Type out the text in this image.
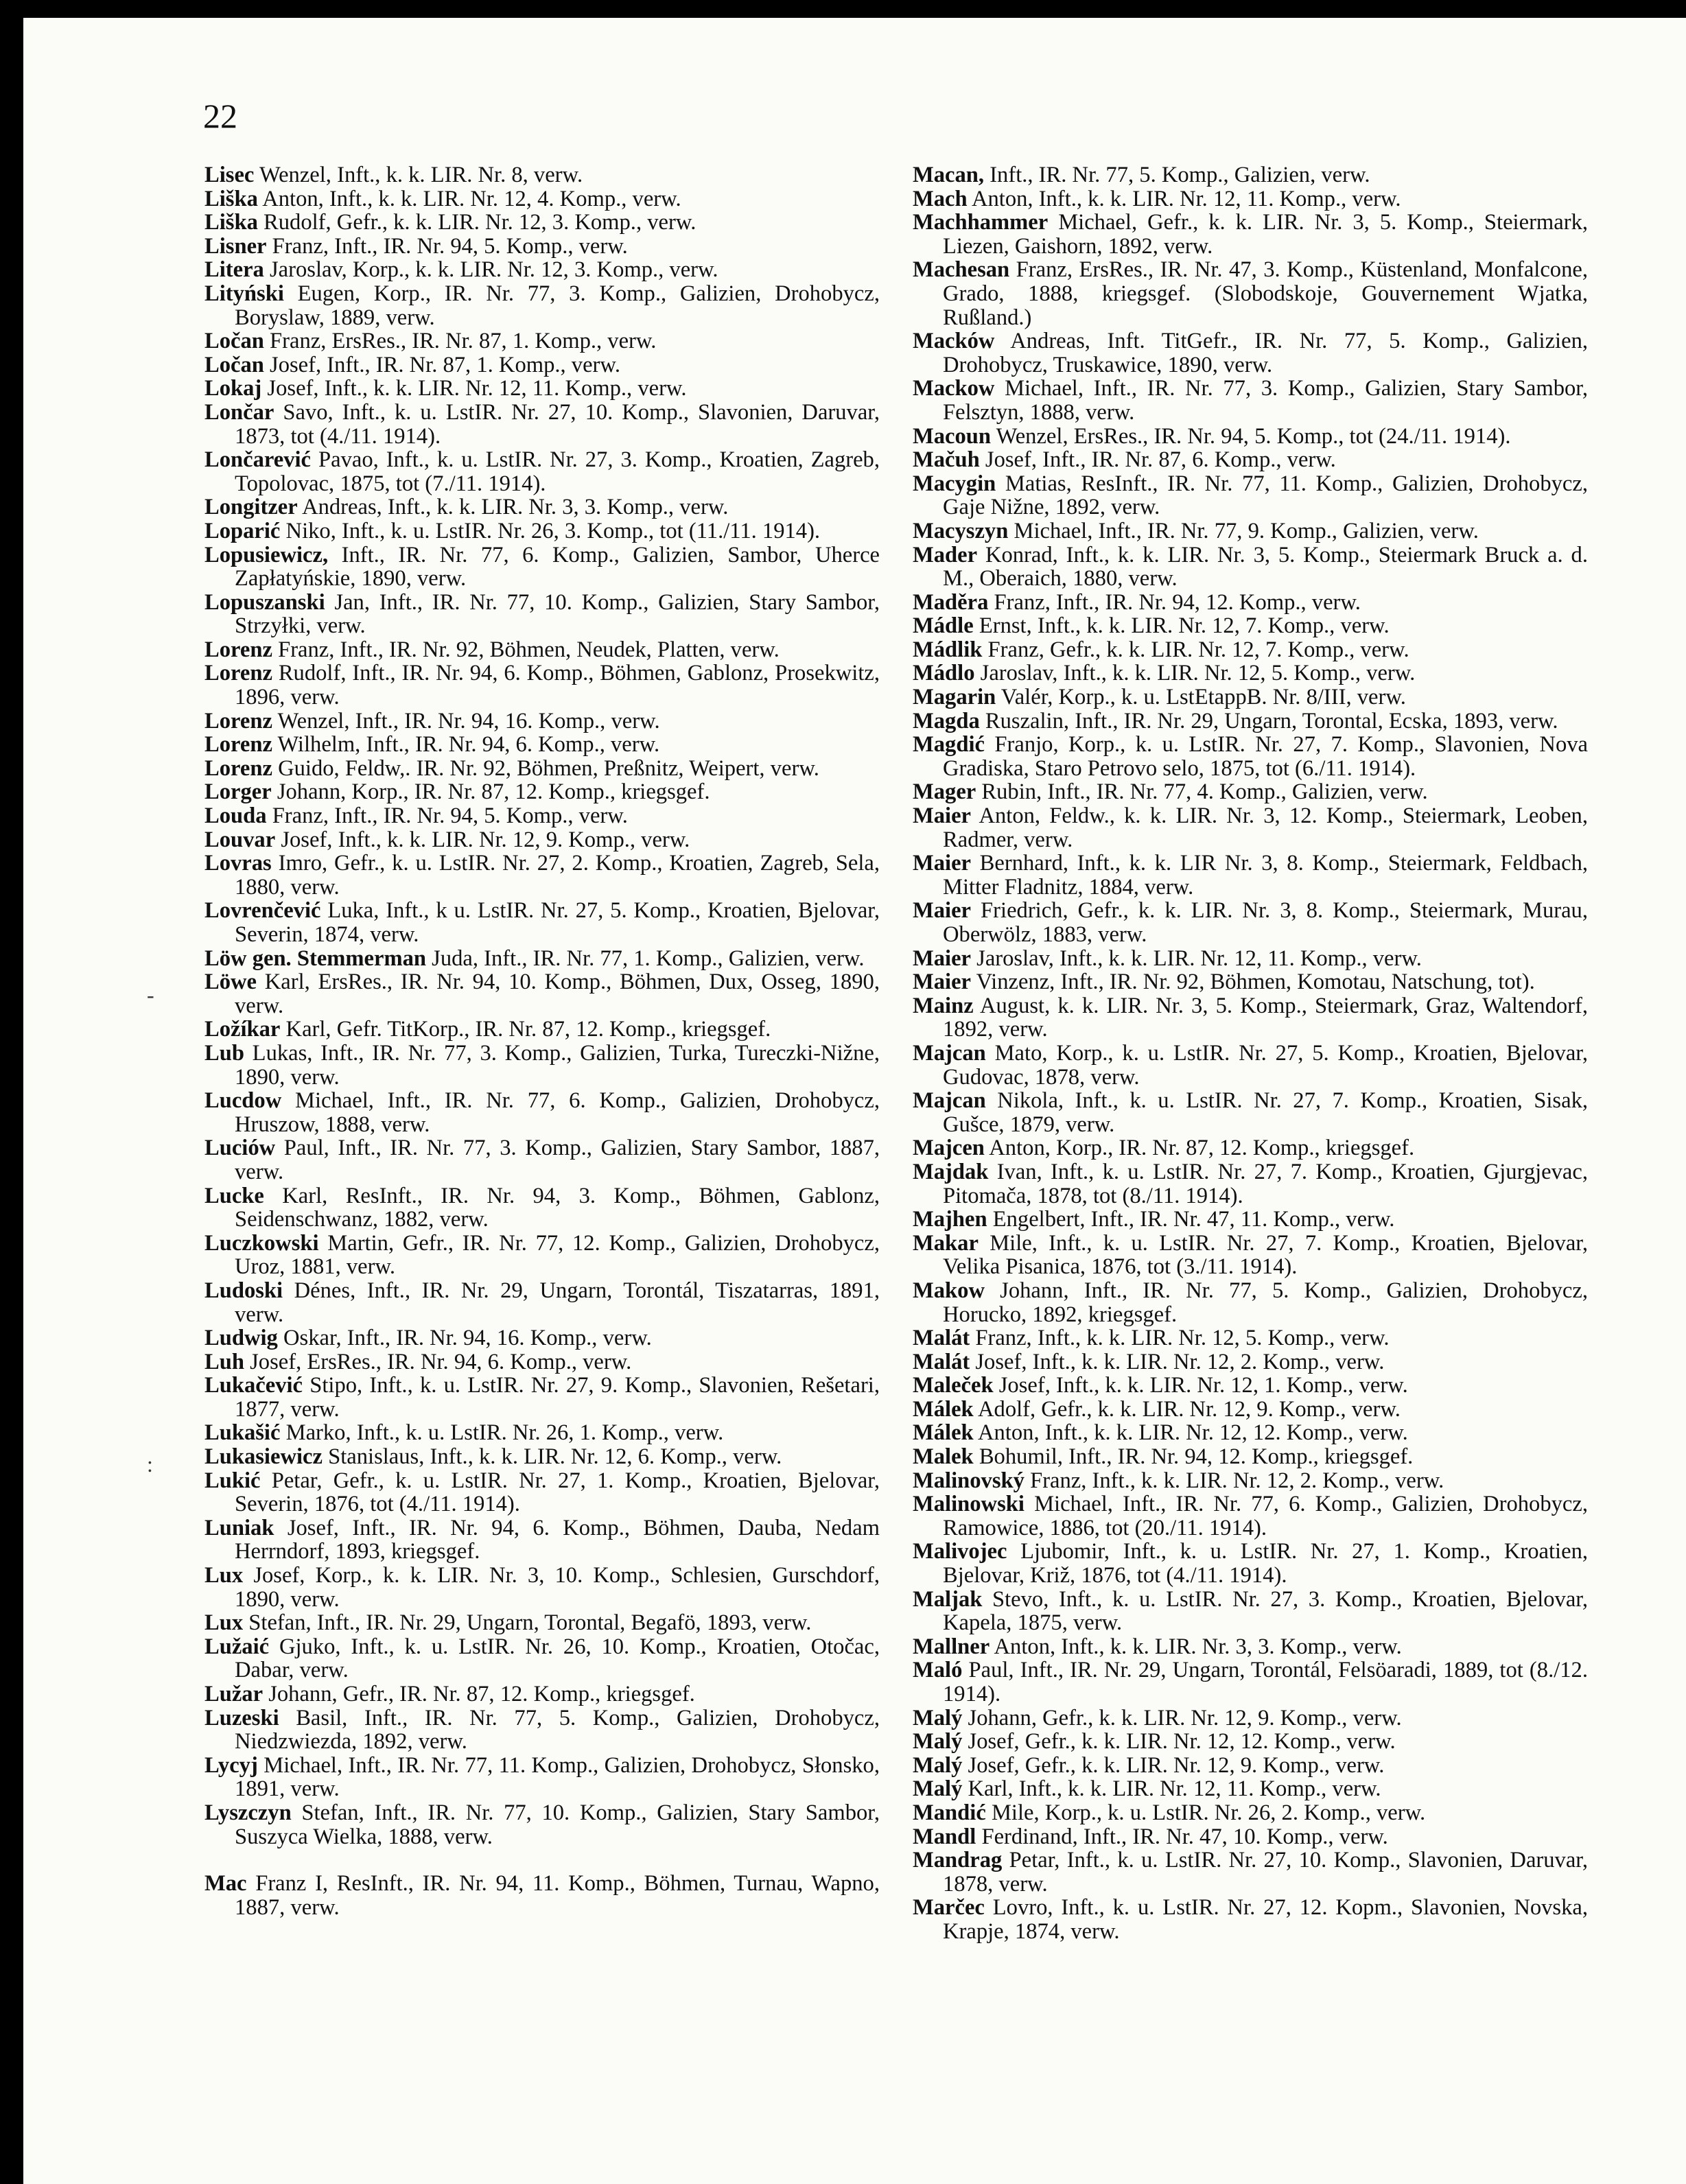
22
-
:

Lisec Wenzel, Inft., k. k. LIR. Nr. 8, verw.

Liška Anton, Inft., k. k. LIR. Nr. 12, 4. Komp., verw.

Liška Rudolf, Gefr., k. k. LIR. Nr. 12, 3. Komp., verw.

Lisner Franz, Inft., IR. Nr. 94, 5. Komp., verw.

Litera Jaroslav, Korp., k. k. LIR. Nr. 12, 3. Komp., verw.

Lityński Eugen, Korp., IR. Nr. 77, 3. Komp., Galizien, Drohobycz, Boryslaw, 1889, verw.

Ločan Franz, ErsRes., IR. Nr. 87, 1. Komp., verw.

Ločan Josef, Inft., IR. Nr. 87, 1. Komp., verw.

Lokaj Josef, Inft., k. k. LIR. Nr. 12, 11. Komp., verw.

Lončar Savo, Inft., k. u. LstIR. Nr. 27, 10. Komp., Slavonien, Daruvar, 1873, tot (4./11. 1914).

Lončarević Pavao, Inft., k. u. LstIR. Nr. 27, 3. Komp., Kroatien, Zagreb, Topolovac, 1875, tot (7./11. 1914).

Longitzer Andreas, Inft., k. k. LIR. Nr. 3, 3. Komp., verw.

Loparić Niko, Inft., k. u. LstIR. Nr. 26, 3. Komp., tot (11./11. 1914).

Lopusiewicz, Inft., IR. Nr. 77, 6. Komp., Galizien, Sambor, Uherce Zapłatyńskie, 1890, verw.

Lopuszanski Jan, Inft., IR. Nr. 77, 10. Komp., Galizien, Stary Sambor, Strzyłki, verw.

Lorenz Franz, Inft., IR. Nr. 92, Böhmen, Neudek, Platten, verw.

Lorenz Rudolf, Inft., IR. Nr. 94, 6. Komp., Böhmen, Gablonz, Prosekwitz, 1896, verw.

Lorenz Wenzel, Inft., IR. Nr. 94, 16. Komp., verw.

Lorenz Wilhelm, Inft., IR. Nr. 94, 6. Komp., verw.

Lorenz Guido, Feldw,. IR. Nr. 92, Böhmen, Preßnitz, Weipert, verw.

Lorger Johann, Korp., IR. Nr. 87, 12. Komp., kriegsgef.

Louda Franz, Inft., IR. Nr. 94, 5. Komp., verw.

Louvar Josef, Inft., k. k. LIR. Nr. 12, 9. Komp., verw.

Lovras Imro, Gefr., k. u. LstIR. Nr. 27, 2. Komp., Kroatien, Zagreb, Sela, 1880, verw.

Lovrenčević Luka, Inft., k u. LstIR. Nr. 27, 5. Komp., Kroatien, Bjelovar, Severin, 1874, verw.

Löw gen. Stemmerman Juda, Inft., IR. Nr. 77, 1. Komp., Galizien, verw.

Löwe Karl, ErsRes., IR. Nr. 94, 10. Komp., Böhmen, Dux, Osseg, 1890, verw.

Ložíkar Karl, Gefr. TitKorp., IR. Nr. 87, 12. Komp., kriegsgef.

Lub Lukas, Inft., IR. Nr. 77, 3. Komp., Galizien, Turka, Tureczki-Nižne, 1890, verw.

Lucdow Michael, Inft., IR. Nr. 77, 6. Komp., Galizien, Drohobycz, Hruszow, 1888, verw.

Luciów Paul, Inft., IR. Nr. 77, 3. Komp., Galizien, Stary Sambor, 1887, verw.

Lucke Karl, ResInft., IR. Nr. 94, 3. Komp., Böhmen, Gablonz, Seidenschwanz, 1882, verw.

Luczkowski Martin, Gefr., IR. Nr. 77, 12. Komp., Galizien, Drohobycz, Uroz, 1881, verw.

Ludoski Dénes, Inft., IR. Nr. 29, Ungarn, Torontál, Tiszatarras, 1891, verw.

Ludwig Oskar, Inft., IR. Nr. 94, 16. Komp., verw.

Luh Josef, ErsRes., IR. Nr. 94, 6. Komp., verw.

Lukačević Stipo, Inft., k. u. LstIR. Nr. 27, 9. Komp., Slavonien, Rešetari, 1877, verw.

Lukašić Marko, Inft., k. u. LstIR. Nr. 26, 1. Komp., verw.

Lukasiewicz Stanislaus, Inft., k. k. LIR. Nr. 12, 6. Komp., verw.

Lukić Petar, Gefr., k. u. LstIR. Nr. 27, 1. Komp., Kroatien, Bjelovar, Severin, 1876, tot (4./11. 1914).

Luniak Josef, Inft., IR. Nr. 94, 6. Komp., Böhmen, Dauba, Nedam Herrndorf, 1893, kriegsgef.

Lux Josef, Korp., k. k. LIR. Nr. 3, 10. Komp., Schlesien, Gurschdorf, 1890, verw.

Lux Stefan, Inft., IR. Nr. 29, Ungarn, Torontal, Begafö, 1893, verw.

Lužaić Gjuko, Inft., k. u. LstIR. Nr. 26, 10. Komp., Kroatien, Otočac, Dabar, verw.

Lužar Johann, Gefr., IR. Nr. 87, 12. Komp., kriegsgef.

Luzeski Basil, Inft., IR. Nr. 77, 5. Komp., Galizien, Drohobycz, Niedzwiezda, 1892, verw.

Lycyj Michael, Inft., IR. Nr. 77, 11. Komp., Galizien, Drohobycz, Słonsko, 1891, verw.

Lyszczyn Stefan, Inft., IR. Nr. 77, 10. Komp., Galizien, Stary Sambor, Suszyca Wielka, 1888, verw.

Mac Franz I, ResInft., IR. Nr. 94, 11. Komp., Böhmen, Turnau, Wapno, 1887, verw.

Macan, Inft., IR. Nr. 77, 5. Komp., Galizien, verw.

Mach Anton, Inft., k. k. LIR. Nr. 12, 11. Komp., verw.

Machhammer Michael, Gefr., k. k. LIR. Nr. 3, 5. Komp., Steiermark, Liezen, Gaishorn, 1892, verw.

Machesan Franz, ErsRes., IR. Nr. 47, 3. Komp., Küstenland, Monfalcone, Grado, 1888, kriegsgef. (Slobodskoje, Gouvernement Wjatka, Rußland.)

Macków Andreas, Inft. TitGefr., IR. Nr. 77, 5. Komp., Galizien, Drohobycz, Truskawice, 1890, verw.

Mackow Michael, Inft., IR. Nr. 77, 3. Komp., Galizien, Stary Sambor, Felsztyn, 1888, verw.

Macoun Wenzel, ErsRes., IR. Nr. 94, 5. Komp., tot (24./11. 1914).

Mačuh Josef, Inft., IR. Nr. 87, 6. Komp., verw.

Macygin Matias, ResInft., IR. Nr. 77, 11. Komp., Galizien, Drohobycz, Gaje Nižne, 1892, verw.

Macyszyn Michael, Inft., IR. Nr. 77, 9. Komp., Galizien, verw.

Mader Konrad, Inft., k. k. LIR. Nr. 3, 5. Komp., Steiermark Bruck a. d. M., Oberaich, 1880, verw.

Maděra Franz, Inft., IR. Nr. 94, 12. Komp., verw.

Mádle Ernst, Inft., k. k. LIR. Nr. 12, 7. Komp., verw.

Mádlik Franz, Gefr., k. k. LIR. Nr. 12, 7. Komp., verw.

Mádlo Jaroslav, Inft., k. k. LIR. Nr. 12, 5. Komp., verw.

Magarin Valér, Korp., k. u. LstEtappB. Nr. 8/III, verw.

Magda Ruszalin, Inft., IR. Nr. 29, Ungarn, Torontal, Ecska, 1893, verw.

Magdić Franjo, Korp., k. u. LstIR. Nr. 27, 7. Komp., Slavonien, Nova Gradiska, Staro Petrovo selo, 1875, tot (6./11. 1914).

Mager Rubin, Inft., IR. Nr. 77, 4. Komp., Galizien, verw.

Maier Anton, Feldw., k. k. LIR. Nr. 3, 12. Komp., Steiermark, Leoben, Radmer, verw.

Maier Bernhard, Inft., k. k. LIR Nr. 3, 8. Komp., Steiermark, Feldbach, Mitter Fladnitz, 1884, verw.

Maier Friedrich, Gefr., k. k. LIR. Nr. 3, 8. Komp., Steiermark, Murau, Oberwölz, 1883, verw.

Maier Jaroslav, Inft., k. k. LIR. Nr. 12, 11. Komp., verw.

Maier Vinzenz, Inft., IR. Nr. 92, Böhmen, Komotau, Natschung, tot).

Mainz August, k. k. LIR. Nr. 3, 5. Komp., Steiermark, Graz, Waltendorf, 1892, verw.

Majcan Mato, Korp., k. u. LstIR. Nr. 27, 5. Komp., Kroatien, Bjelovar, Gudovac, 1878, verw.

Majcan Nikola, Inft., k. u. LstIR. Nr. 27, 7. Komp., Kroatien, Sisak, Gušce, 1879, verw.

Majcen Anton, Korp., IR. Nr. 87, 12. Komp., kriegsgef.

Majdak Ivan, Inft., k. u. LstIR. Nr. 27, 7. Komp., Kroatien, Gjurgjevac, Pitomača, 1878, tot (8./11. 1914).

Majhen Engelbert, Inft., IR. Nr. 47, 11. Komp., verw.

Makar Mile, Inft., k. u. LstIR. Nr. 27, 7. Komp., Kroatien, Bjelovar, Velika Pisanica, 1876, tot (3./11. 1914).

Makow Johann, Inft., IR. Nr. 77, 5. Komp., Galizien, Drohobycz, Horucko, 1892, kriegsgef.

Malát Franz, Inft., k. k. LIR. Nr. 12, 5. Komp., verw.

Malát Josef, Inft., k. k. LIR. Nr. 12, 2. Komp., verw.

Maleček Josef, Inft., k. k. LIR. Nr. 12, 1. Komp., verw.

Málek Adolf, Gefr., k. k. LIR. Nr. 12, 9. Komp., verw.

Málek Anton, Inft., k. k. LIR. Nr. 12, 12. Komp., verw.

Malek Bohumil, Inft., IR. Nr. 94, 12. Komp., kriegsgef.

Malinovský Franz, Inft., k. k. LIR. Nr. 12, 2. Komp., verw.

Malinowski Michael, Inft., IR. Nr. 77, 6. Komp., Galizien, Drohobycz, Ramowice, 1886, tot (20./11. 1914).

Malivojec Ljubomir, Inft., k. u. LstIR. Nr. 27, 1. Komp., Kroatien, Bjelovar, Križ, 1876, tot (4./11. 1914).

Maljak Stevo, Inft., k. u. LstIR. Nr. 27, 3. Komp., Kroatien, Bjelovar, Kapela, 1875, verw.

Mallner Anton, Inft., k. k. LIR. Nr. 3, 3. Komp., verw.

Maló Paul, Inft., IR. Nr. 29, Ungarn, Torontál, Felsöaradi, 1889, tot (8./12. 1914).

Malý Johann, Gefr., k. k. LIR. Nr. 12, 9. Komp., verw.

Malý Josef, Gefr., k. k. LIR. Nr. 12, 12. Komp., verw.

Malý Josef, Gefr., k. k. LIR. Nr. 12, 9. Komp., verw.

Malý Karl, Inft., k. k. LIR. Nr. 12, 11. Komp., verw.

Mandić Mile, Korp., k. u. LstIR. Nr. 26, 2. Komp., verw.

Mandl Ferdinand, Inft., IR. Nr. 47, 10. Komp., verw.

Mandrag Petar, Inft., k. u. LstIR. Nr. 27, 10. Komp., Slavonien, Daruvar, 1878, verw.

Marčec Lovro, Inft., k. u. LstIR. Nr. 27, 12. Kopm., Slavonien, Novska, Krapje, 1874, verw.
